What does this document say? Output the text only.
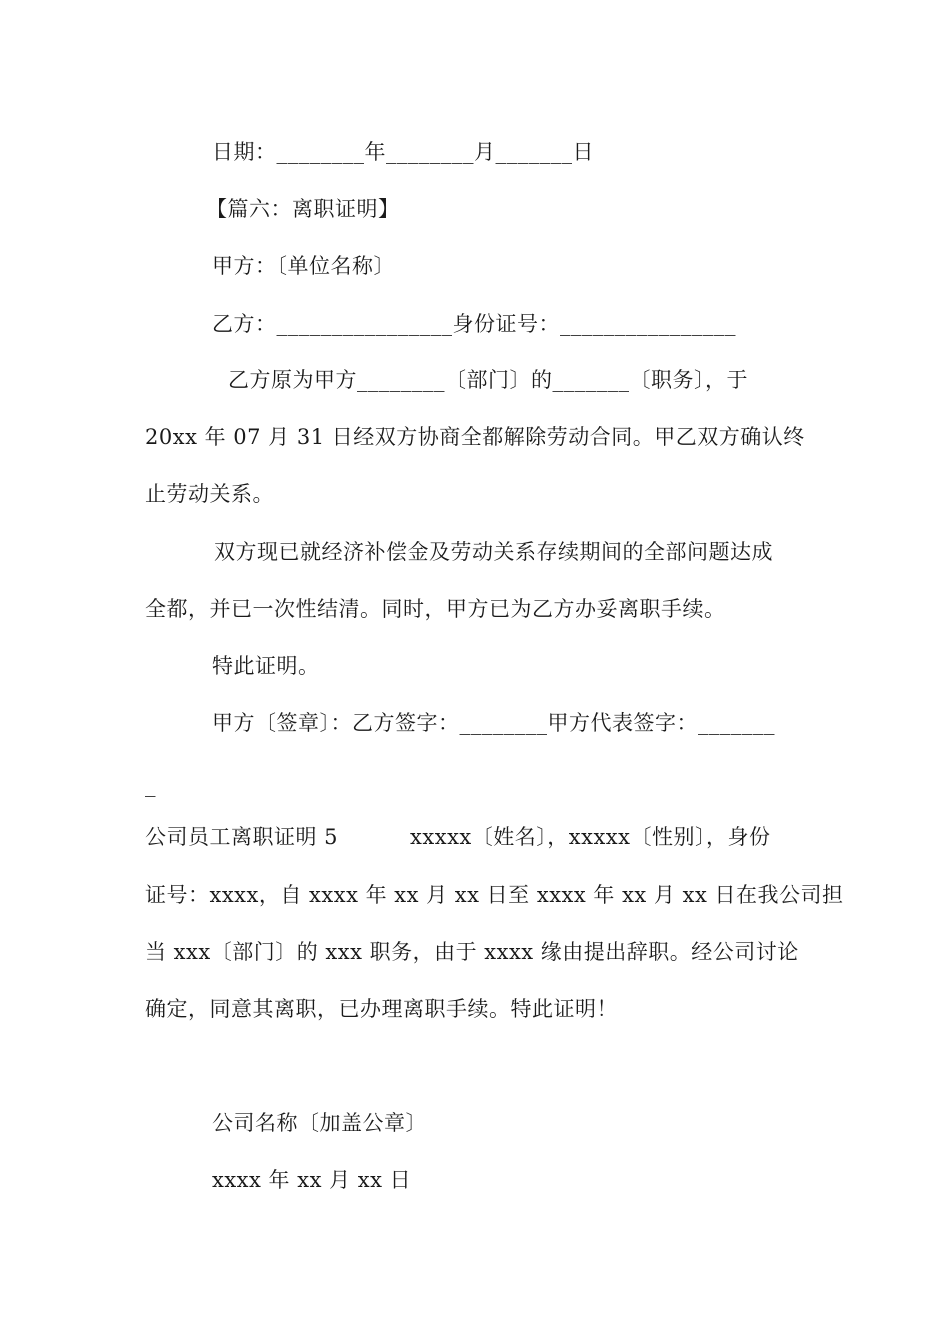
日期：________年________月_______日
【篇六：离职证明】
甲方：〔单位名称〕
乙方：________________身份证号：________________
乙方原为甲方________〔部门〕的_______〔职务〕，于
20xx 年 07 月 31 日经双方协商全都解除劳动合同。甲乙双方确认终
止劳动关系。
双方现已就经济补偿金及劳动关系存续期间的全部问题达成
全都，并已一次性结清。同时，甲方已为乙方办妥离职手续。
特此证明。
甲方〔签章〕：乙方签字：________甲方代表签字：_______
_
公司员工离职证明 5	xxxxx〔姓名〕，xxxxx〔性别〕，身份
证号：xxxx，自 xxxx 年 xx 月 xx 日至 xxxx 年 xx 月 xx 日在我公司担
当 xxx〔部门〕的 xxx 职务，由于 xxxx 缘由提出辞职。经公司讨论
确定，同意其离职，已办理离职手续。特此证明！
公司名称〔加盖公章〕
xxxx 年 xx 月 xx 日
